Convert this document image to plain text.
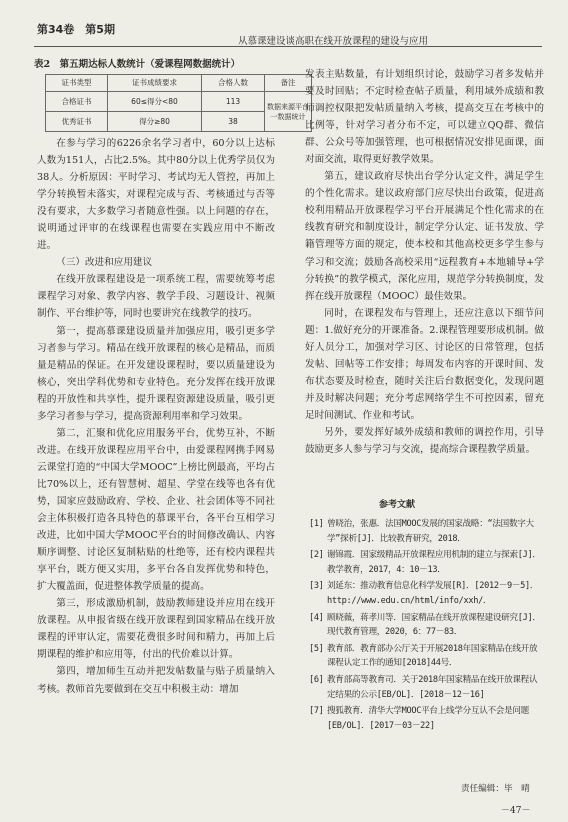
第34卷　第5期
从慕课建设谈高职在线开放课程的建设与应用
表2　第五期达标人数统计（爱课程网数据统计）
证书类型	证书成绩要求	合格人数	备注
合格证书	60≤得分<80	113	数据来源平台一数据统计
优秀证书	得分≥80	38	

在参与学习的6226余名学习者中，60分以上达标人数为151人，占比2.5%。其中80分以上优秀学员仅为38人。分析原因：平时学习、考试均无人管控，再加上学分转换暂未落实，对课程完成与否、考核通过与否等没有要求，大多数学习者随意性强。以上问题的存在，说明通过评审的在线课程也需要在实践应用中不断改进。

（三）改进和应用建议

在线开放课程建设是一项系统工程，需要统筹考虑课程学习对象、教学内容、教学手段、习题设计、视频制作、平台维护等，同时也要讲究在线教学的技巧。

第一，提高慕课建设质量并加强应用，吸引更多学习者参与学习。精品在线开放课程的核心是精品，而质量是精品的保证。在开发建设课程时，要以质量建设为核心，突出学科优势和专业特色。充分发挥在线开放课程的开放性和共享性，提升课程资源建设质量，吸引更多学习者参与学习，提高资源利用率和学习效果。

第二，汇聚和优化应用服务平台，优势互补，不断改进。在线开放课程应用平台中，由爱课程网携手网易云课堂打造的“中国大学MOOC”上榜比例最高，平均占比70%以上，还有智慧树、超星、学堂在线等也各有优势，国家应鼓励政府、学校、企业、社会团体等不同社会主体积极打造各具特色的慕课平台，各平台互相学习改进，比如中国大学MOOC平台的时间修改确认、内容顺序调整、讨论区复制粘贴的杜绝等，还有校内课程共享平台，既方便又实用，多平台各自发挥优势和特色，扩大覆盖面，促进整体教学质量的提高。

第三，形成激励机制，鼓励教师建设并应用在线开放课程。从申报省级在线开放课程到国家精品在线开放课程的评审认定，需要花费很多时间和精力，再加上后期课程的维护和应用等，付出的代价难以计算。

第四，增加师生互动并把发帖数量与贴子质量纳入考核。教师首先要做到在交互中积极主动：增加

发表主贴数量，有计划组织讨论，鼓励学习者多发帖并要及时回贴；不定时检查帖子质量，利用域外成绩和教师调控权限把发帖质量纳入考核，提高交互在考核中的比例等，针对学习者分布不定，可以建立QQ群、微信群、公众号等加强管理，也可根据情况安排见面课，面对面交流，取得更好教学效果。

第五，建议政府尽快出台学分认定文件，满足学生的个性化需求。建议政府部门应尽快出台政策，促进高校利用精品开放课程学习平台开展满足个性化需求的在线教育研究和制度设计，制定学分认定、证书发放、学籍管理等方面的规定，使本校和其他高校更多学生参与学习和交流；鼓励各高校采用“远程教育+本地辅导+学分转换”的教学模式，深化应用，规范学分转换制度，发挥在线开放课程（MOOC）最佳效果。

同时，在课程发布与管理上，还应注意以下细节问题：1.做好充分的开课准备。2.课程管理要形成机制。做好人员分工，加强对学习区、讨论区的日常管理，包括发帖、回帖等工作安排；每周发布内容的开课时间、发布状态要及时检查，随时关注后台数据变化，发现问题并及时解决问题；充分考虑网络学生不可控因素，留充足时间测试、作业和考试。

另外，要发挥好域外成绩和教师的调控作用，引导鼓励更多人参与学习与交流，提高综合课程教学质量。

参考文献
[1] 曾晓治，张惠．法国MOOC发展的国家战略：“法国数字大学”探析[J]．比较教育研究，2018．
[2] 谢锦霞．国家级精品开放课程应用机制的建立与探索[J]．教学教育，2017，4：10－13．
[3] 刘延东：推动教育信息化科学发展[R]．[2012－9－5]．http://www.edu.cn/html/info/xxh/．
[4] 顾晓薇，蒋孝川等．国家精品在线开放课程建设研究[J]．现代教育管理，2020，6：77－83．
[5] 教育部．教育部办公厅关于开展2018年国家精品在线开放课程认定工作的通知[2018]44号．
[6] 教育部高等教育司．关于2018年国家精品在线开放课程认定结果的公示[EB/OL]．[2018－12－16]
[7] 搜狐教育．清华大学MOOC平台上线学分互认不会是问题[EB/OL]．[2017－03－22]
责任编辑：毕　晴
－47－
